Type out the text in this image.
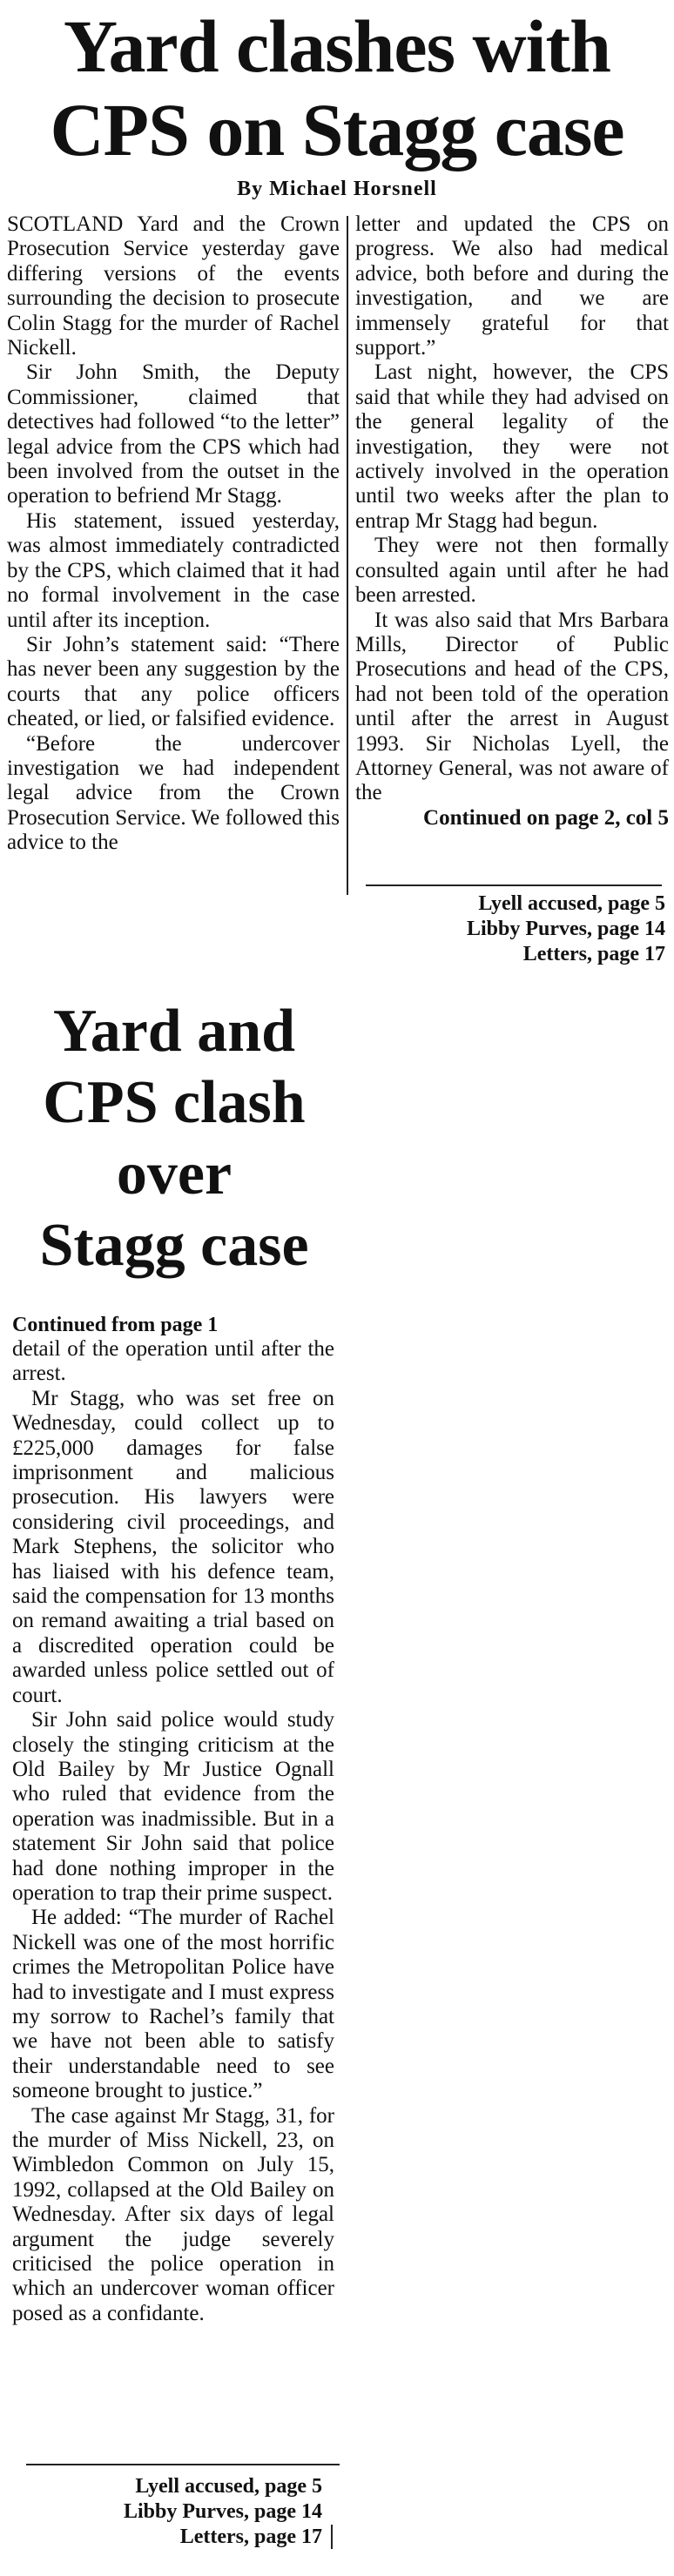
Yard clashes with
CPS on Stagg case
By Michael Horsnell

SCOTLAND Yard and the Crown Prosecution Service yesterday gave differing versions of the events surrounding the decision to prosecute Colin Stagg for the murder of Rachel Nickell.

Sir John Smith, the Deputy Commissioner, claimed that detectives had followed “to the letter” legal advice from the CPS which had been involved from the outset in the operation to befriend Mr Stagg.

His statement, issued yesterday, was almost immediately contradicted by the CPS, which claimed that it had no formal involvement in the case until after its inception.

Sir John’s statement said: “There has never been any suggestion by the courts that any police officers cheated, or lied, or falsified evidence.

“Before the undercover investigation we had independent legal advice from the Crown Prosecution Service. We followed this advice to the

letter and updated the CPS on progress. We also had medical advice, both before and during the investigation, and we are immensely grateful for that support.”

Last night, however, the CPS said that while they had advised on the general legality of the investigation, they were not actively involved in the operation until two weeks after the plan to entrap Mr Stagg had begun.

They were not then formally consulted again until after he had been arrested.

It was also said that Mrs Barbara Mills, Director of Public Prosecutions and head of the CPS, had not been told of the operation until after the arrest in August 1993. Sir Nicholas Lyell, the Attorney General, was not aware of the

Continued on page 2, col 5

Lyell accused, page 5
Libby Purves, page 14
Letters, page 17
Yard and
CPS clash
over
Stagg case
Continued from page 1

detail of the operation until after the arrest.

Mr Stagg, who was set free on Wednesday, could collect up to £225,000 damages for false imprisonment and malicious prosecution. His lawyers were considering civil proceedings, and Mark Stephens, the solicitor who has liaised with his defence team, said the compensation for 13 months on remand awaiting a trial based on a discredited operation could be awarded unless police settled out of court.

Sir John said police would study closely the stinging criticism at the Old Bailey by Mr Justice Ognall who ruled that evidence from the operation was inadmissible. But in a statement Sir John said that police had done nothing improper in the operation to trap their prime suspect.

He added: “The murder of Rachel Nickell was one of the most horrific crimes the Metropolitan Police have had to investigate and I must express my sorrow to Rachel’s family that we have not been able to satisfy their understandable need to see someone brought to justice.”

The case against Mr Stagg, 31, for the murder of Miss Nickell, 23, on Wimbledon Common on July 15, 1992, collapsed at the Old Bailey on Wednesday. After six days of legal argument the judge severely criticised the police operation in which an undercover woman officer posed as a confidante.

Lyell accused, page 5
Libby Purves, page 14
Letters, page 17
